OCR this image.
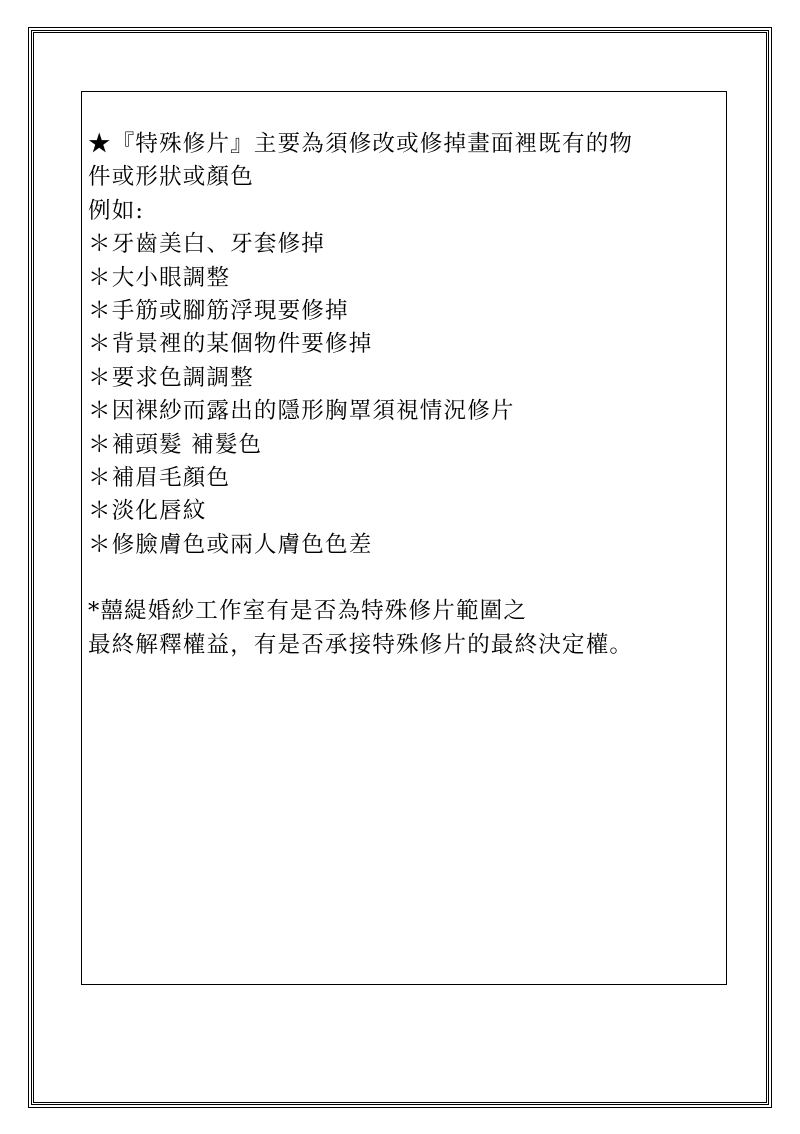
★『特殊修片』主要為須修改或修掉畫面裡既有的物
件或形狀或顏色
例如:
＊牙齒美白、牙套修掉
＊大小眼調整
＊手筋或腳筋浮現要修掉
＊背景裡的某個物件要修掉
＊要求色調調整
＊因裸紗而露出的隱形胸罩須視情況修片
＊補頭髮 補髮色
＊補眉毛顏色
＊淡化唇紋
＊修臉膚色或兩人膚色色差
*囍緹婚紗工作室有是否為特殊修片範圍之
最終解釋權益，有是否承接特殊修片的最終決定權。
